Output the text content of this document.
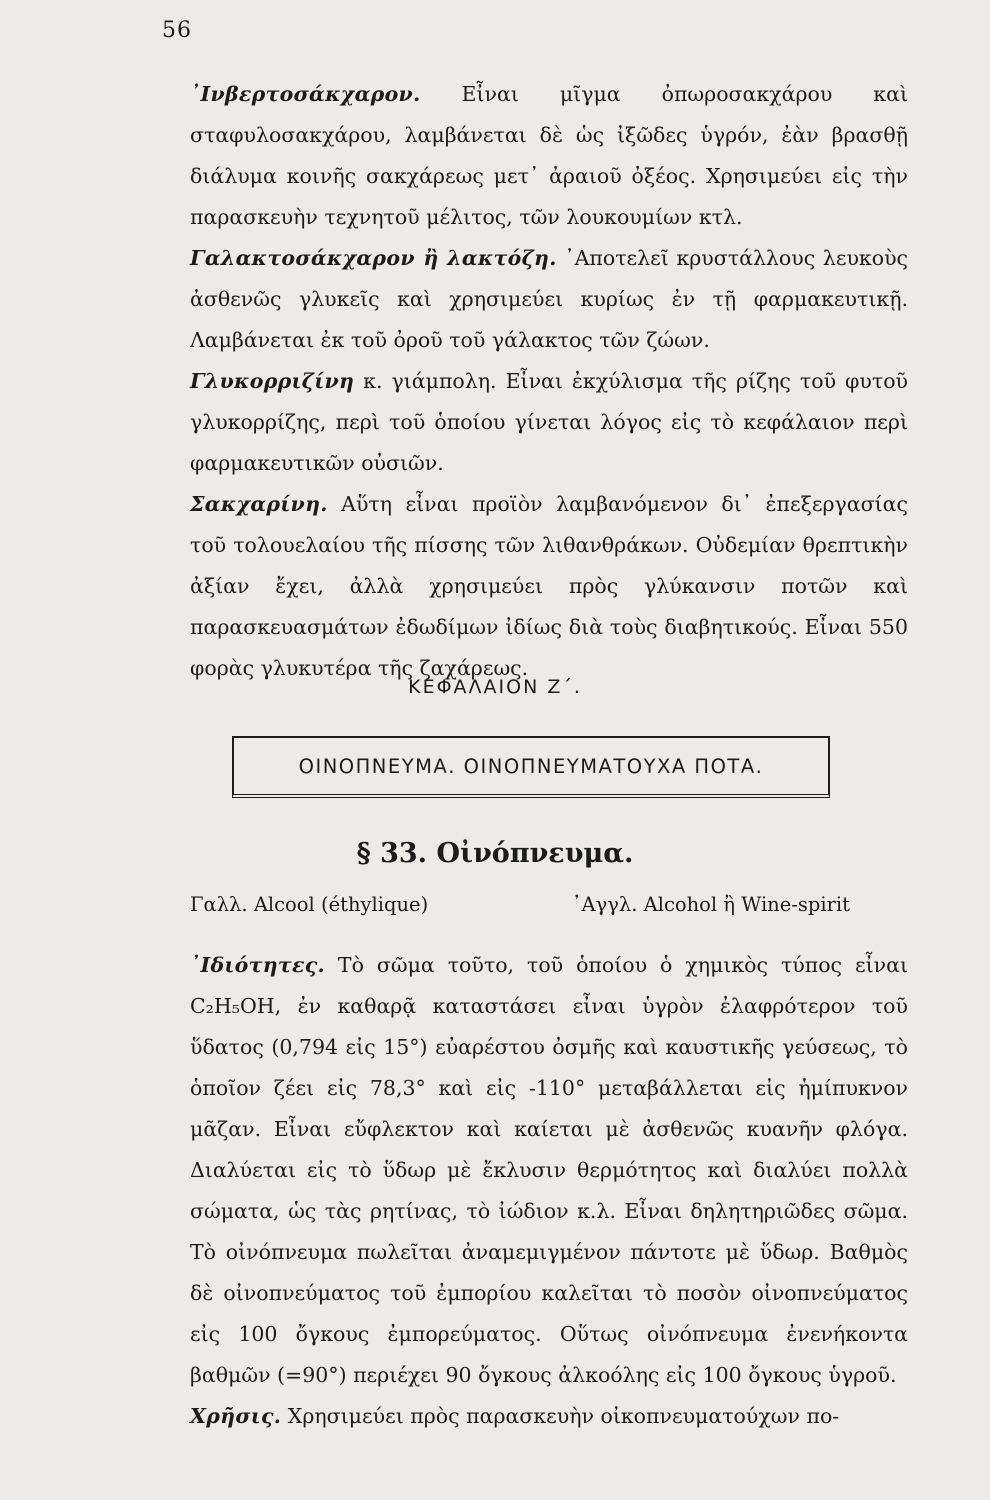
56

᾿Ινβερτοσάκχαρον. Εἶναι μῖγμα ὀπωροσακχάρου καὶ σταφυλοσακχάρου, λαμβάνεται δὲ ὡς ἰξῶδες ὑγρόν, ἐὰν βρασθῇ διάλυμα κοινῆς σακχάρεως μετ᾿ ἀραιοῦ ὀξέος. Χρησιμεύει εἰς τὴν παρασκευὴν τεχνητοῦ μέλιτος, τῶν λουκουμίων κτλ.

Γαλακτοσάκχαρον ἢ λακτόζη. ᾿Αποτελεῖ κρυστάλλους λευκοὺς ἀσθενῶς γλυκεῖς καὶ χρησιμεύει κυρίως ἐν τῇ φαρμακευτικῇ. Λαμβάνεται ἐκ τοῦ ὀροῦ τοῦ γάλακτος τῶν ζώων.

Γλυκορριζίνη κ. γιάμπολη. Εἶναι ἐκχύλισμα τῆς ρίζης τοῦ φυτοῦ γλυκορρίζης, περὶ τοῦ ὁποίου γίνεται λόγος εἰς τὸ κεφάλαιον περὶ φαρμακευτικῶν οὐσιῶν.

Σακχαρίνη. Αὕτη εἶναι προϊὸν λαμβανόμενον δι᾿ ἐπεξεργασίας τοῦ τολουελαίου τῆς πίσσης τῶν λιθανθράκων. Οὐδεμίαν θρεπτικὴν ἀξίαν ἔχει, ἀλλὰ χρησιμεύει πρὸς γλύκανσιν ποτῶν καὶ παρασκευασμάτων ἐδωδίμων ἰδίως διὰ τοὺς διαβητικούς. Εἶναι 550 φορὰς γλυκυτέρα τῆς ζαχάρεως.

ΚΕΦΑΛΑΙΟΝ Ζ΄.
ΟΙΝΟΠΝΕΥΜΑ. ΟΙΝΟΠΝΕΥΜΑΤΟΥΧΑ ΠΟΤΑ.
§ 33. Οἰνόπνευμα.
Γαλλ. Alcool (éthylique)	᾿Αγγλ. Alcohol ἢ Wine-spirit

᾿Ιδιότητες. Τὸ σῶμα τοῦτο, τοῦ ὁποίου ὁ χημικὸς τύπος εἶναι C₂H₅OH, ἐν καθαρᾷ καταστάσει εἶναι ὑγρὸν ἐλαφρότερον τοῦ ὕδατος (0,794 εἰς 15°) εὐαρέστου ὀσμῆς καὶ καυστικῆς γεύσεως, τὸ ὁποῖον ζέει εἰς 78,3° καὶ εἰς -110° μεταβάλλεται εἰς ἡμίπυκνον μᾶζαν. Εἶναι εὔφλεκτον καὶ καίεται μὲ ἀσθενῶς κυανῆν φλόγα. Διαλύεται εἰς τὸ ὕδωρ μὲ ἔκλυσιν θερμότητος καὶ διαλύει πολλὰ σώματα, ὡς τὰς ρητίνας, τὸ ἰώδιον κ.λ. Εἶναι δηλητηριῶδες σῶμα. Τὸ οἰνόπνευμα πωλεῖται ἀναμεμιγμένον πάντοτε μὲ ὕδωρ. Βαθμὸς δὲ οἰνοπνεύματος τοῦ ἐμπορίου καλεῖται τὸ ποσὸν οἰνοπνεύματος εἰς 100 ὄγκους ἐμπορεύματος. Οὕτως οἰνόπνευμα ἐνενήκοντα βαθμῶν (=90°) περιέχει 90 ὄγκους ἀλκοόλης εἰς 100 ὄγκους ὑγροῦ.

Χρῆσις. Χρησιμεύει πρὸς παρασκευὴν οἰκοπνευματούχων πο-
